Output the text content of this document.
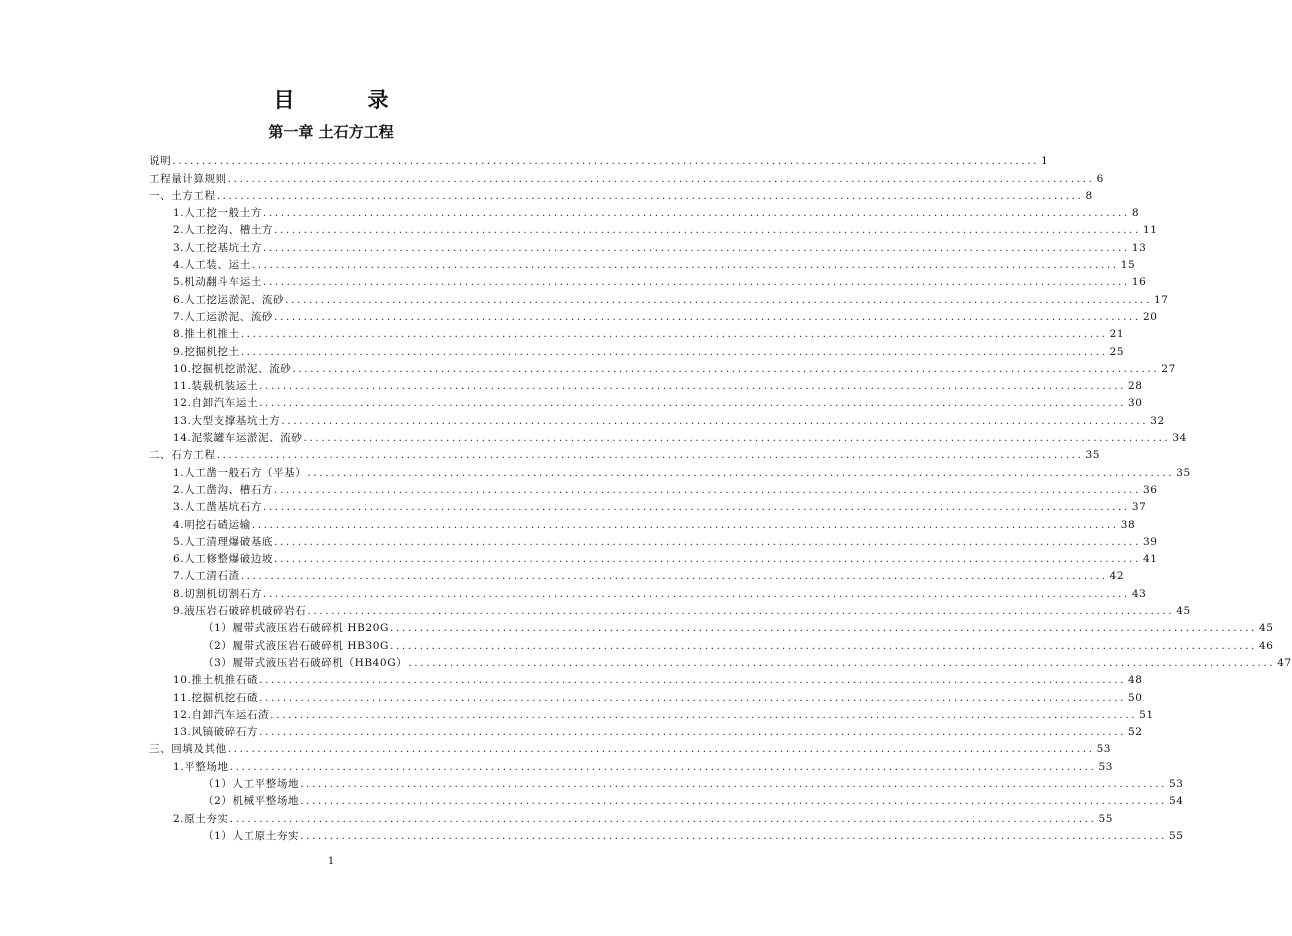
目　录
第一章 土石方工程
说明 .................................................................................................................................................. 1
工程量计算规则 .................................................................................................................................................. 6
一、土方工程 .................................................................................................................................................. 8
1.人工挖一般土方 .................................................................................................................................................. 8
2.人工挖沟、槽土方 .................................................................................................................................................. 11
3.人工挖基坑土方 .................................................................................................................................................. 13
4.人工装、运土 .................................................................................................................................................. 15
5.机动翻斗车运土 .................................................................................................................................................. 16
6.人工挖运淤泥、流砂 .................................................................................................................................................. 17
7.人工运淤泥、流砂 .................................................................................................................................................. 20
8.推土机推土 .................................................................................................................................................. 21
9.挖掘机挖土 .................................................................................................................................................. 25
10.挖掘机挖淤泥、流砂 .................................................................................................................................................. 27
11.装载机装运土 .................................................................................................................................................. 28
12.自卸汽车运土 .................................................................................................................................................. 30
13.大型支撑基坑土方 .................................................................................................................................................. 32
14.泥浆罐车运淤泥、流砂 .................................................................................................................................................. 34
二、石方工程 .................................................................................................................................................. 35
1.人工凿一般石方（平基） .................................................................................................................................................. 35
2.人工凿沟、槽石方 .................................................................................................................................................. 36
3.人工凿基坑石方 .................................................................................................................................................. 37
4.明挖石碴运输 .................................................................................................................................................. 38
5.人工清理爆破基底 .................................................................................................................................................. 39
6.人工修整爆破边坡 .................................................................................................................................................. 41
7.人工清石渣 .................................................................................................................................................. 42
8.切割机切割石方 .................................................................................................................................................. 43
9.液压岩石破碎机破碎岩石 .................................................................................................................................................. 45
（1）履带式液压岩石破碎机 HB20G .................................................................................................................................................. 45
（2）履带式液压岩石破碎机 HB30G .................................................................................................................................................. 46
（3）履带式液压岩石破碎机（HB40G） .................................................................................................................................................. 47
10.推土机推石碴 .................................................................................................................................................. 48
11.挖掘机挖石碴 .................................................................................................................................................. 50
12.自卸汽车运石渣 .................................................................................................................................................. 51
13.风镐破碎石方 .................................................................................................................................................. 52
三、回填及其他 .................................................................................................................................................. 53
1.平整场地 .................................................................................................................................................. 53
（1）人工平整场地 .................................................................................................................................................. 53
（2）机械平整场地 .................................................................................................................................................. 54
2.原土夯实 .................................................................................................................................................. 55
（1）人工原土夯实 .................................................................................................................................................. 55
1
